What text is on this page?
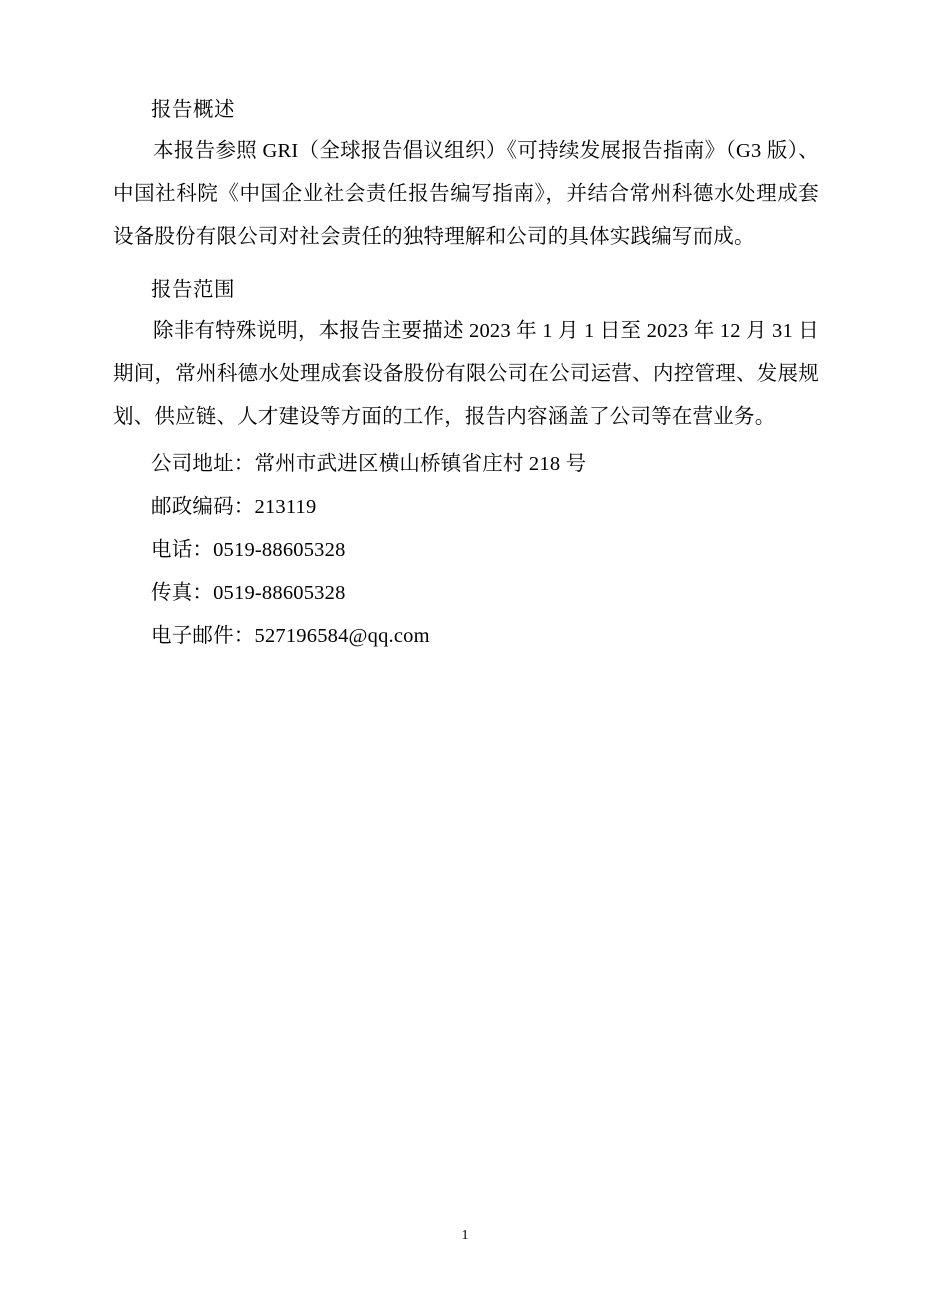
报告概述

本报告参照 GRI（全球报告倡议组织）《可持续发展报告指南》（G3 版）、中国社科院《中国企业社会责任报告编写指南》，并结合常州科德水处理成套设备股份有限公司对社会责任的独特理解和公司的具体实践编写而成。

报告范围

除非有特殊说明，本报告主要描述 2023 年 1 月 1 日至 2023 年 12 月 31 日期间，常州科德水处理成套设备股份有限公司在公司运营、内控管理、发展规划、供应链、人才建设等方面的工作，报告内容涵盖了公司等在营业务。

公司地址：常州市武进区横山桥镇省庄村 218 号

邮政编码：213119

电话：0519-88605328

传真：0519-88605328

电子邮件：527196584@qq.com

1
